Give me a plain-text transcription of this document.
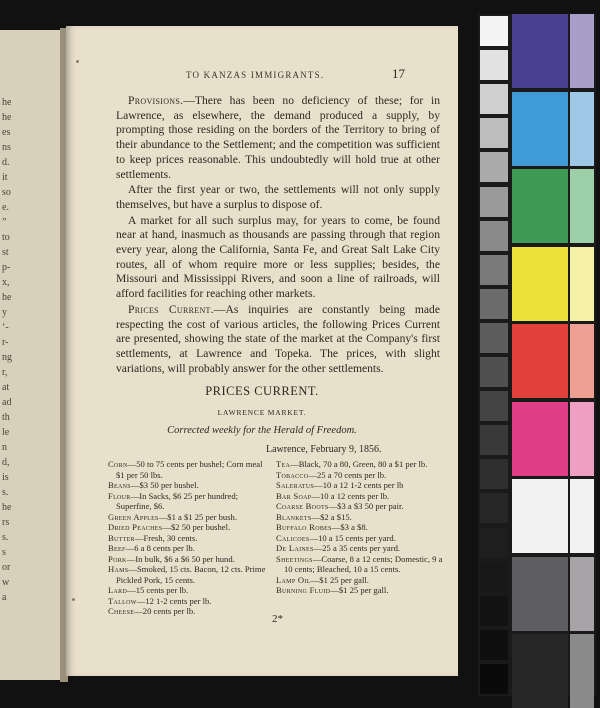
he
he
es
ns
d.
it
so
e.
”
to
st
p-
x,
he
y
‘-
r-
ng
r,
at
ad
th
le
n
d,
is
s.
he
rs
s.
s
or
w
a
TO KANZAS IMMIGRANTS.	17

Provisions.—There has been no deficiency of these; for in Lawrence, as elsewhere, the demand produced a supply, by prompting those residing on the borders of the Territory to bring of their abundance to the Settlement; and the competition was sufficient to keep prices reasonable. This undoubtedly will hold true at other settlements.

After the first year or two, the settlements will not only supply themselves, but have a surplus to dispose of.

A market for all such surplus may, for years to come, be found near at hand, inasmuch as thousands are passing through that region every year, along the California, Santa Fe, and Great Salt Lake City routes, all of whom require more or less supplies; besides, the Missouri and Mississippi Rivers, and soon a line of railroads, will afford facilities for reaching other markets.

Prices Current.—As inquiries are constantly being made respecting the cost of various articles, the following Prices Current are presented, showing the state of the market at the Company's first settlements, at Lawrence and Topeka. The prices, with slight variations, will probably answer for the other settlements.

PRICES CURRENT.
LAWRENCE MARKET.
Corrected weekly for the Herald of Freedom.
Lawrence, February 9, 1856.

Corn—50 to 75 cents per bushel; Corn meal $1 per 50 lbs.

Beans—$3 50 per bushel.

Flour—In Sacks, $6 25 per hundred; Superfine, $6.

Green Apples—$1 a $1 25 per bush.

Dried Peaches—$2 50 per bushel.

Butter—Fresh, 30 cents.

Beef—6 a 8 cents per lb.

Pork—In bulk, $6 a $6 50 per hund.

Hams—Smoked, 15 cts. Bacon, 12 cts. Prime Pickled Pork, 15 cents.

Lard—15 cents per lb.

Tallow—12 1-2 cents per lb.

Cheese—20 cents per lb.

Tea—Black, 70 a 80, Green, 80 a $1 per lb.

Tobacco—25 a 70 cents per lb.

Saleratus—10 a 12 1-2 cents per lb

Bar Soap—10 a 12 cents per lb.

Coarse Boots—$3 a $3 50 per pair.

Blankets—$2 a $15.

Buffalo Robes—$3 a $8.

Calicoes—10 a 15 cents per yard.

De Laines—25 a 35 cents per yard.

Sheetings—Coarse, 8 a 12 cents; Domestic, 9 a 10 cents; Bleached, 10 a 15 cents.

Lamp Oil—$1 25 per gall.

Burning Fluid—$1 25 per gall.

2*
